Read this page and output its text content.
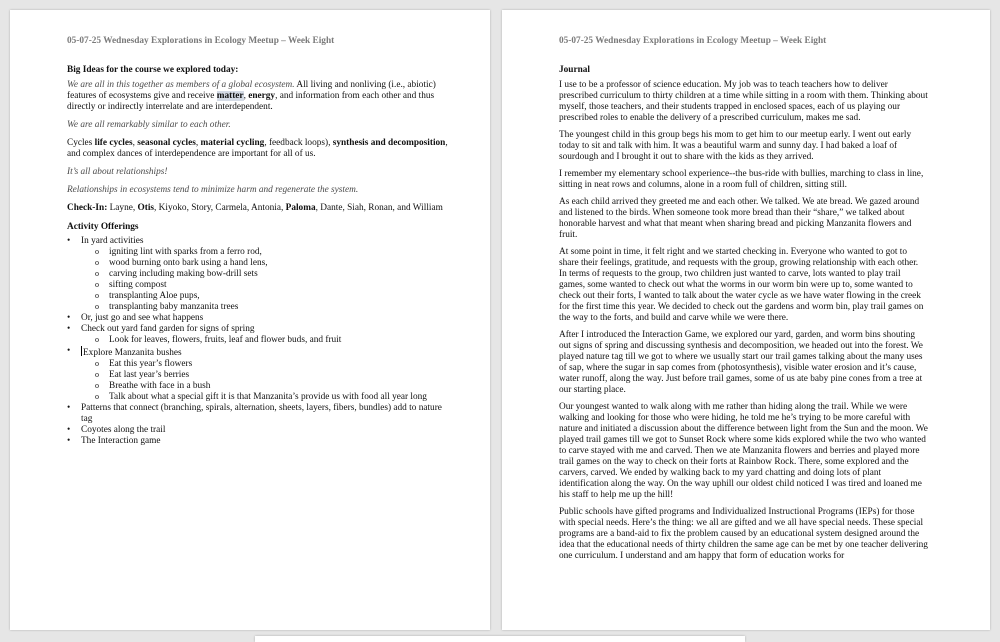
05-07-25 Wednesday Explorations in Ecology Meetup – Week Eight
Big Ideas for the course we explored today:

We are all in this together as members of a global ecosystem. All living and nonliving (i.e., abiotic) features of ecosystems give and receive matter, energy, and information from each other and thus directly or indirectly interrelate and are interdependent.

We are all remarkably similar to each other.

Cycles life cycles, seasonal cycles, material cycling, feedback loops), synthesis and decomposition, and complex dances of interdependence are important for all of us.

It’s all about relationships!

Relationships in ecosystems tend to minimize harm and regenerate the system.

Check-In: Layne, Otis, Kiyoko, Story, Carmela, Antonia, Paloma, Dante, Siah, Ronan, and William

Activity Offerings
• In yard activities
o igniting lint with sparks from a ferro rod,
o wood burning onto bark using a hand lens,
o carving including making bow-drill sets
o sifting compost
o transplanting Aloe pups,
o transplanting baby manzanita trees
• Or, just go and see what happens
• Check out yard fand garden for signs of spring
o Look for leaves, flowers, fruits, leaf and flower buds, and fruit
• Explore Manzanita bushes
o Eat this year’s flowers
o Eat last year’s berries
o Breathe with face in a bush
o Talk about what a special gift it is that Manzanita’s provide us with food all year long
• Patterns that connect (branching, spirals, alternation, sheets, layers, fibers, bundles) add to nature tag
• Coyotes along the trail
• The Interaction game
05-07-25 Wednesday Explorations in Ecology Meetup – Week Eight
Journal

I use to be a professor of science education. My job was to teach teachers how to deliver prescribed curriculum to thirty children at a time while sitting in a room with them. Thinking about myself, those teachers, and their students trapped in enclosed spaces, each of us playing our prescribed roles to enable the delivery of a prescribed curriculum, makes me sad.

The youngest child in this group begs his mom to get him to our meetup early. I went out early today to sit and talk with him. It was a beautiful warm and sunny day. I had baked a loaf of sourdough and I brought it out to share with the kids as they arrived.

I remember my elementary school experience--the bus-ride with bullies, marching to class in line, sitting in neat rows and columns, alone in a room full of children, sitting still.

As each child arrived they greeted me and each other. We talked. We ate bread. We gazed around and listened to the birds. When someone took more bread than their “share,” we talked about honorable harvest and what that meant when sharing bread and picking Manzanita flowers and fruit.

At some point in time, it felt right and we started checking in. Everyone who wanted to got to share their feelings, gratitude, and requests with the group, growing relationship with each other. In terms of requests to the group, two children just wanted to carve, lots wanted to play trail games, some wanted to check out what the worms in our worm bin were up to, some wanted to check out their forts, I wanted to talk about the water cycle as we have water flowing in the creek for the first time this year. We decided to check out the gardens and worm bin, play trail games on the way to the forts, and build and carve while we were there.

After I introduced the Interaction Game, we explored our yard, garden, and worm bins shouting out signs of spring and discussing synthesis and decomposition, we headed out into the forest. We played nature tag till we got to where we usually start our trail games talking about the many uses of sap, where the sugar in sap comes from (photosynthesis), visible water erosion and it’s cause, water runoff, along the way. Just before trail games, some of us ate baby pine cones from a tree at our starting place.

Our youngest wanted to walk along with me rather than hiding along the trail. While we were walking and looking for those who were hiding, he told me he’s trying to be more careful with nature and initiated a discussion about the difference between light from the Sun and the moon. We played trail games till we got to Sunset Rock where some kids explored while the two who wanted to carve stayed with me and carved. Then we ate Manzanita flowers and berries and played more trail games on the way to check on their forts at Rainbow Rock. There, some explored and the carvers, carved. We ended by walking back to my yard chatting and doing lots of plant identification along the way. On the way uphill our oldest child noticed I was tired and loaned me his staff to help me up the hill!

Public schools have gifted programs and Individualized Instructional Programs (IEPs) for those with special needs. Here’s the thing: we all are gifted and we all have special needs. These special programs are a band-aid to fix the problem caused by an educational system designed around the idea that the educational needs of thirty children the same age can be met by one teacher delivering one curriculum. I understand and am happy that form of education works for
